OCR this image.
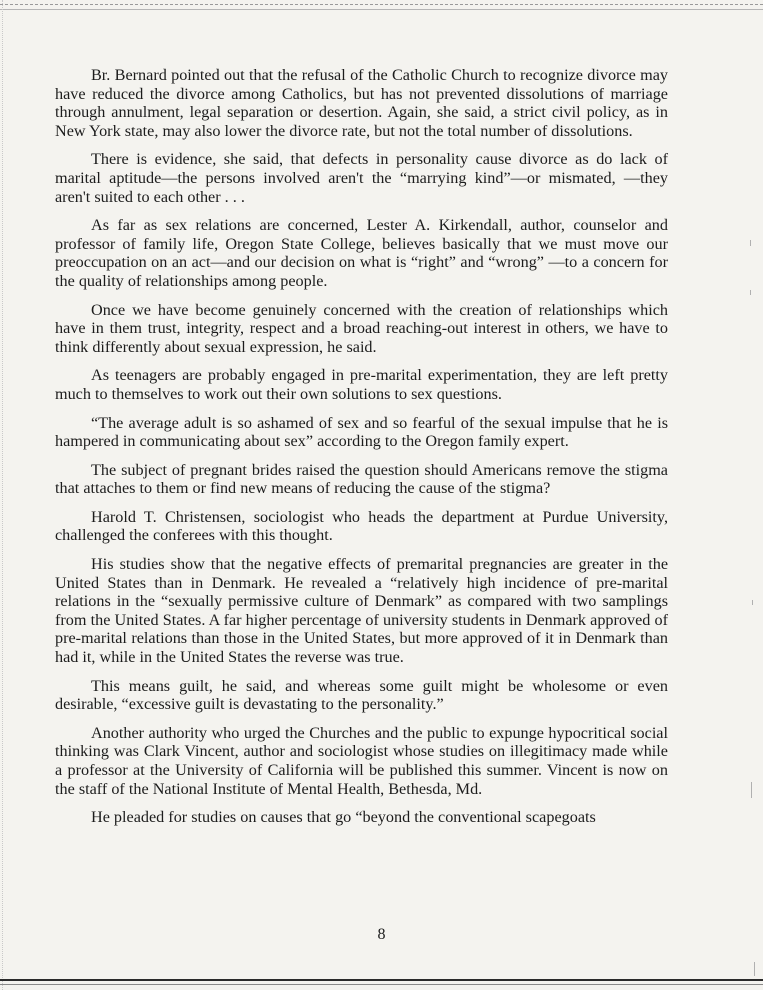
Br. Bernard pointed out that the refusal of the Catholic Church to recognize divorce may have reduced the divorce among Catholics, but has not prevented dissolutions of marriage through annulment, legal separation or desertion. Again, she said, a strict civil policy, as in New York state, may also lower the divorce rate, but not the total number of dissolutions.

There is evidence, she said, that defects in personality cause divorce as do lack of marital aptitude—the persons involved aren't the “marrying kind”—or mismated, —they aren't suited to each other . . .

As far as sex relations are concerned, Lester A. Kirkendall, author, counselor and professor of family life, Oregon State College, believes basically that we must move our preoccupation on an act—and our decision on what is “right” and “wrong” —to a concern for the quality of relationships among people.

Once we have become genuinely concerned with the creation of relationships which have in them trust, integrity, respect and a broad reaching-out interest in others, we have to think differently about sexual expression, he said.

As teenagers are probably engaged in pre-marital experimentation, they are left pretty much to themselves to work out their own solutions to sex questions.

“The average adult is so ashamed of sex and so fearful of the sexual impulse that he is hampered in communicating about sex” according to the Oregon family expert.

The subject of pregnant brides raised the question should Americans remove the stigma that attaches to them or find new means of reducing the cause of the stigma?

Harold T. Christensen, sociologist who heads the department at Purdue University, challenged the conferees with this thought.

His studies show that the negative effects of premarital pregnancies are greater in the United States than in Denmark. He revealed a “relatively high incidence of pre-marital relations in the “sexually permissive culture of Denmark” as compared with two samplings from the United States. A far higher percentage of university students in Denmark approved of pre-marital relations than those in the United States, but more approved of it in Denmark than had it, while in the United States the reverse was true.

This means guilt, he said, and whereas some guilt might be wholesome or even desirable, “excessive guilt is devastating to the personality.”

Another authority who urged the Churches and the public to expunge hypocritical social thinking was Clark Vincent, author and sociologist whose studies on illegitimacy made while a professor at the University of California will be published this summer. Vincent is now on the staff of the National Institute of Mental Health, Bethesda, Md.

He pleaded for studies on causes that go “beyond the conventional scapegoats

8
